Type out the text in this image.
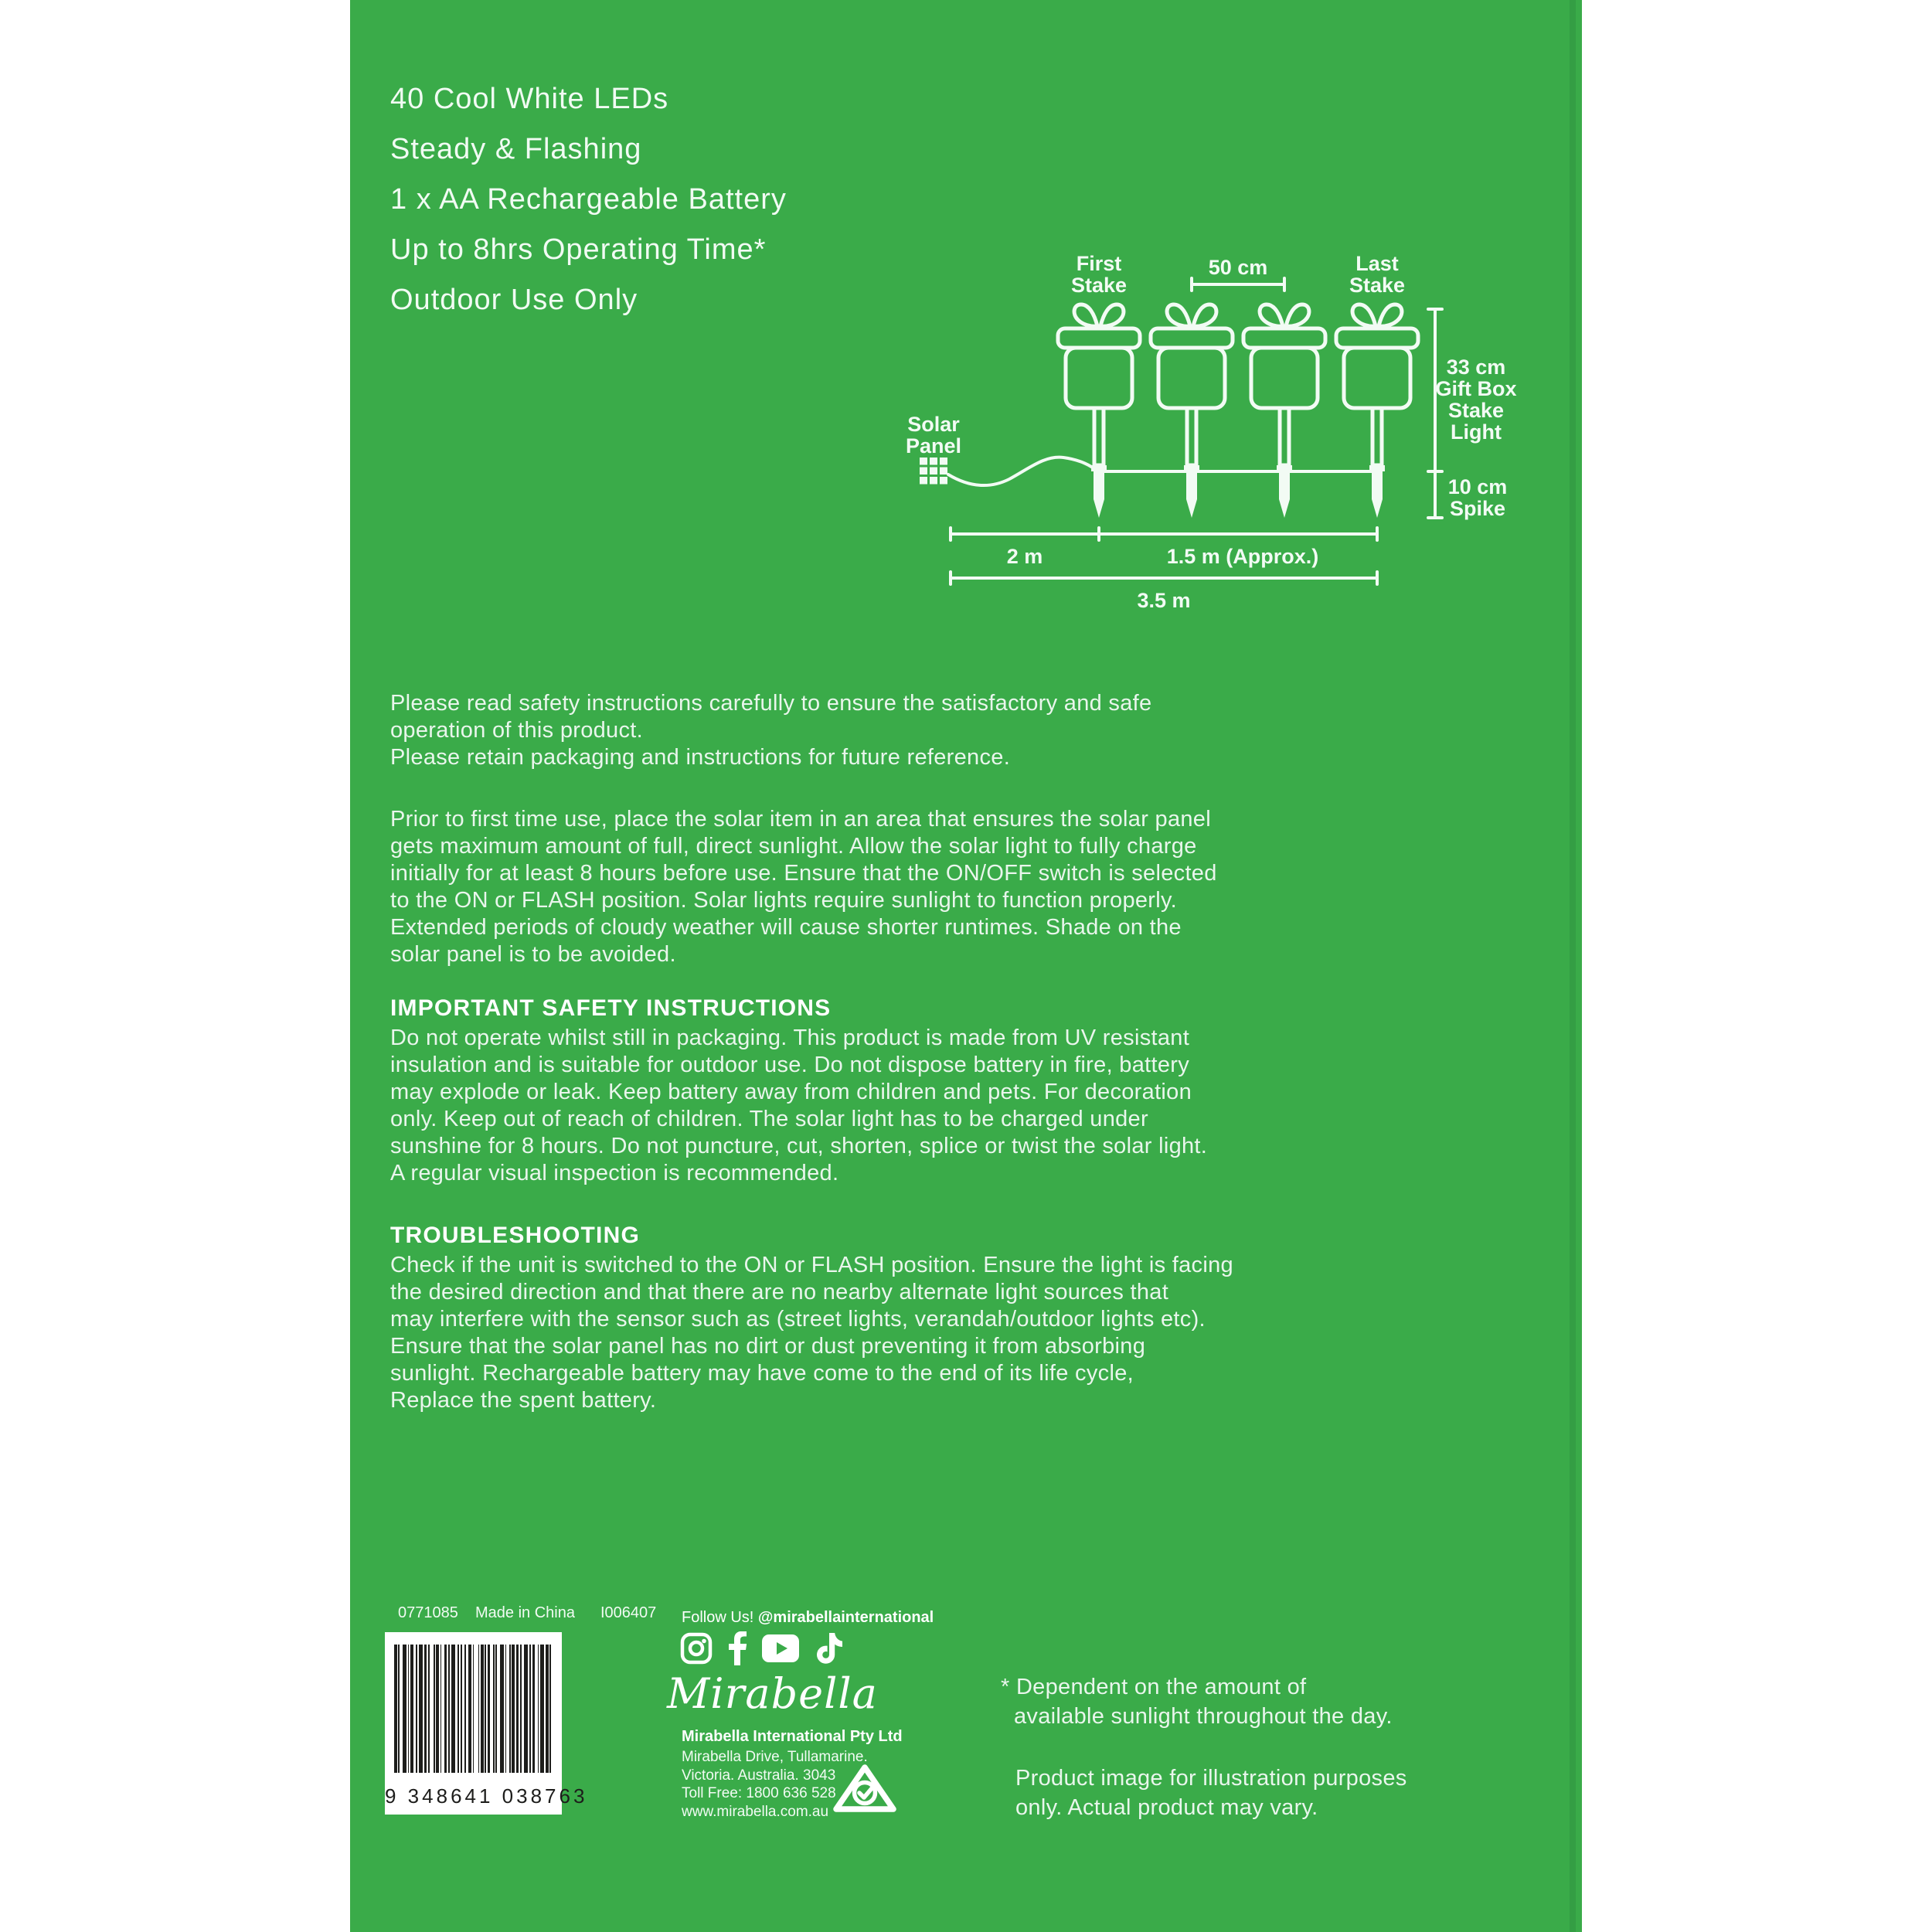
40 Cool White LEDs
Steady & Flashing
1 x AA Rechargeable Battery
Up to 8hrs Operating Time*
Outdoor Use Only
Solar
Panel
First
Stake
Last
Stake
50 cm
33 cm
Gift Box
Stake
Light
10 cm
Spike
2 m	1.5 m (Approx.)
3.5 m
Please read safety instructions carefully to ensure the satisfactory and safe
operation of this product.
Please retain packaging and instructions for future reference.
Prior to first time use, place the solar item in an area that ensures the solar panel
gets maximum amount of full, direct sunlight. Allow the solar light to fully charge
initially for at least 8 hours before use. Ensure that the ON/OFF switch is selected
to the ON or FLASH position. Solar lights require sunlight to function properly.
Extended periods of cloudy weather will cause shorter runtimes. Shade on the
solar panel is to be avoided.
IMPORTANT SAFETY INSTRUCTIONS
Do not operate whilst still in packaging. This product is made from UV resistant
insulation and is suitable for outdoor use. Do not dispose battery in fire, battery
may explode or leak. Keep battery away from children and pets. For decoration
only. Keep out of reach of children. The solar light has to be charged under
sunshine for 8 hours. Do not puncture, cut, shorten, splice or twist the solar light.
A regular visual inspection is recommended.
TROUBLESHOOTING
Check if the unit is switched to the ON or FLASH position. Ensure the light is facing
the desired direction and that there are no nearby alternate light sources that
may interfere with the sensor such as (street lights, verandah/outdoor lights etc).
Ensure that the solar panel has no dirt or dust preventing it from absorbing
sunlight. Rechargeable battery may have come to the end of its life cycle,
Replace the spent battery.
0771085 Made in China I006407
9 348641 038763
Follow Us! @mirabellainternational
Mirabella
Mirabella International Pty Ltd
Mirabella Drive, Tullamarine.
Victoria. Australia. 3043
Toll Free: 1800 636 528
www.mirabella.com.au
* Dependent on the amount of
available sunlight throughout the day.
Product image for illustration purposes
only. Actual product may vary.
